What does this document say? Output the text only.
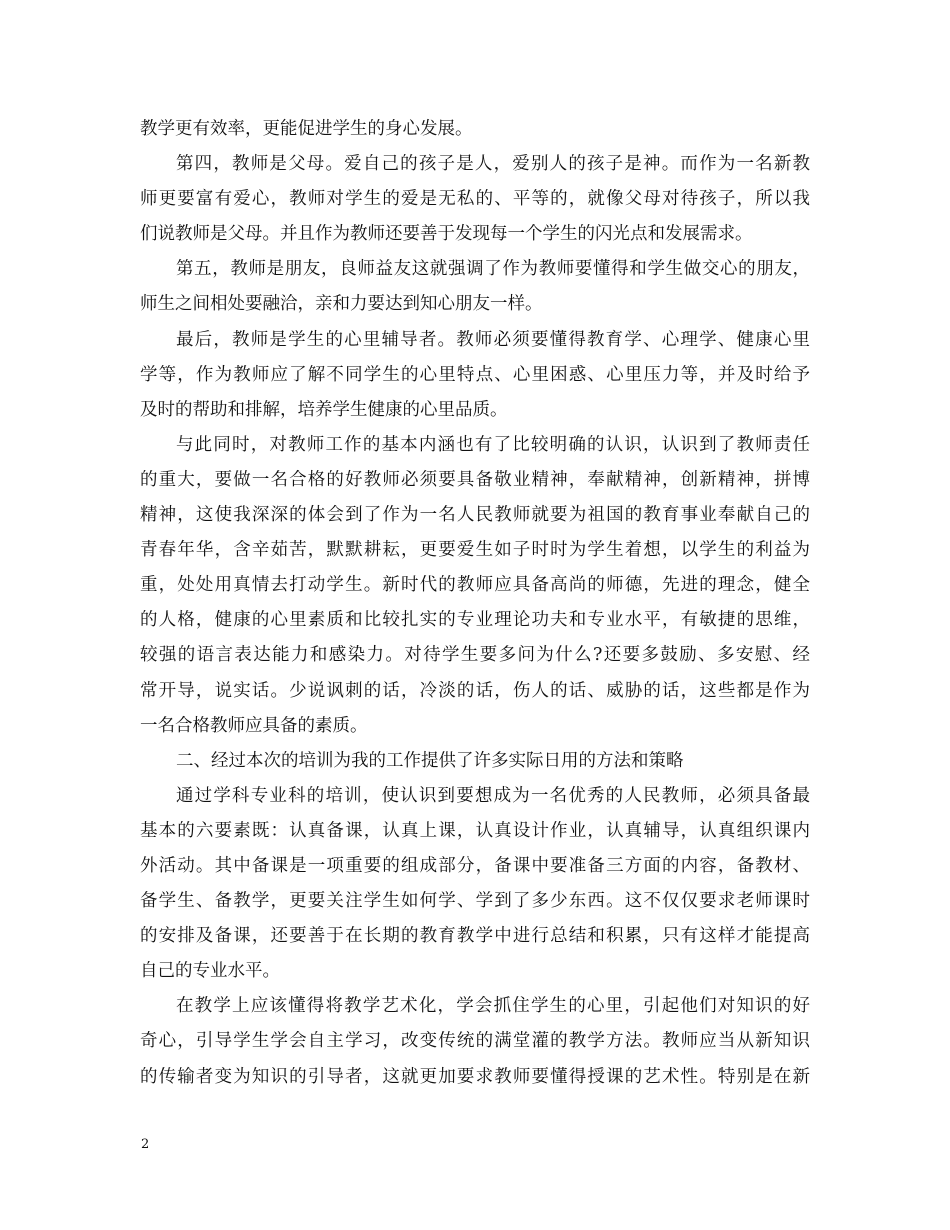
教学更有效率，更能促进学生的身心发展。
第四，教师是父母。爱自己的孩子是人，爱别人的孩子是神。而作为一名新教
师更要富有爱心，教师对学生的爱是无私的、平等的，就像父母对待孩子，所以我
们说教师是父母。并且作为教师还要善于发现每一个学生的闪光点和发展需求。
第五，教师是朋友，良师益友这就强调了作为教师要懂得和学生做交心的朋友，
师生之间相处要融洽，亲和力要达到知心朋友一样。
最后，教师是学生的心里辅导者。教师必须要懂得教育学、心理学、健康心里
学等，作为教师应了解不同学生的心里特点、心里困惑、心里压力等，并及时给予
及时的帮助和排解，培养学生健康的心里品质。
与此同时，对教师工作的基本内涵也有了比较明确的认识，认识到了教师责任
的重大，要做一名合格的好教师必须要具备敬业精神，奉献精神，创新精神，拼博
精神，这使我深深的体会到了作为一名人民教师就要为祖国的教育事业奉献自己的
青春年华，含辛茹苦，默默耕耘，更要爱生如子时时为学生着想，以学生的利益为
重，处处用真情去打动学生。新时代的教师应具备高尚的师德，先进的理念，健全
的人格，健康的心里素质和比较扎实的专业理论功夫和专业水平，有敏捷的思维，
较强的语言表达能力和感染力。对待学生要多问为什么?还要多鼓励、多安慰、经
常开导，说实话。少说讽刺的话，冷淡的话，伤人的话、威胁的话，这些都是作为
一名合格教师应具备的素质。
二、经过本次的培训为我的工作提供了许多实际日用的方法和策略
通过学科专业科的培训，使认识到要想成为一名优秀的人民教师，必须具备最
基本的六要素既：认真备课，认真上课，认真设计作业，认真辅导，认真组织课内
外活动。其中备课是一项重要的组成部分，备课中要准备三方面的内容，备教材、
备学生、备教学，更要关注学生如何学、学到了多少东西。这不仅仅要求老师课时
的安排及备课，还要善于在长期的教育教学中进行总结和积累，只有这样才能提高
自己的专业水平。
在教学上应该懂得将教学艺术化，学会抓住学生的心里，引起他们对知识的好
奇心，引导学生学会自主学习，改变传统的满堂灌的教学方法。教师应当从新知识
的传输者变为知识的引导者，这就更加要求教师要懂得授课的艺术性。特别是在新
2
